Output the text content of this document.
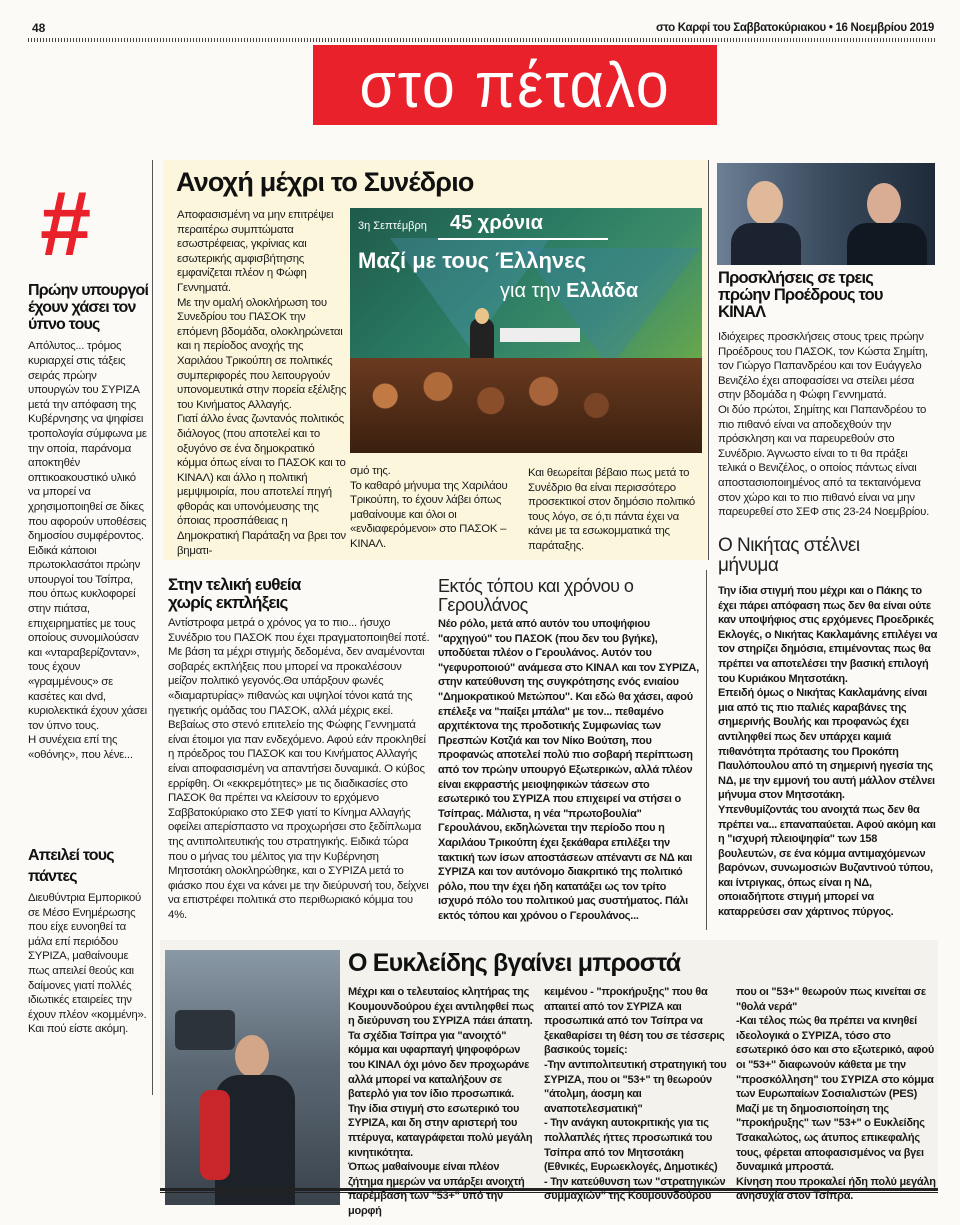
48	στο Καρφί του Σαββατοκύριακου • 16 Νοεμβρίου 2019
στο πέταλο
#
Πρώην υπουργοί έχουν χάσει τον ύπνο τους

Απόλυτος... τρόμος κυριαρχεί στις τάξεις σειράς πρώην υπουργών του ΣΥΡΙΖΑ μετά την απόφαση της Κυβέρνησης να ψηφίσει τροπολογία σύμφωνα με την οποία, παράνομα αποκτηθέν οπτικοακουστικό υλικό να μπορεί να χρησιμοποιηθεί σε δίκες που αφορούν υποθέσεις δημοσίου συμφέροντος.

Ειδικά κάποιοι πρωτοκλασάτοι πρώην υπουργοί του Τσίπρα, που όπως κυκλοφορεί στην πιάτσα, επιχειρηματίες με τους οποίους συνομιλούσαν και «νταραβερίζονταν», τους έχουν «γραμμένους» σε κασέτες και dvd, κυριολεκτικά έχουν χάσει τον ύπνο τους.

Η συνέχεια επί της «οθόνης», που λένε...

Απειλεί τους πάντες

Διευθύντρια Εμπορικού σε Μέσο Ενημέρωσης που είχε ευνοηθεί τα μάλα επί περιόδου ΣΥΡΙΖΑ, μαθαίνουμε πως απειλεί θεούς και δαίμονες γιατί πολλές ιδιωτικές εταιρείες την έχουν πλέον «κομμένη». Και πού είστε ακόμη.

Ανοχή μέχρι το Συνέδριο

Αποφασισμένη να μην επιτρέψει περαιτέρω συμπτώματα εσωστρέφειας, γκρίνιας και εσωτερικής αμφισβήτησης εμφανίζεται πλέον η Φώφη Γεννηματά.

Με την ομαλή ολοκλήρωση του Συνεδρίου του ΠΑΣΟΚ την επόμενη βδομάδα, ολοκληρώνεται και η περίοδος ανοχής της Χαριλάου Τρικούπη σε πολιτικές συμπεριφορές που λειτουργούν υπονομευτικά στην πορεία εξέλιξης του Κινήματος Αλλαγής.

Γιατί άλλο ένας ζωντανός πολιτικός διάλογος (που αποτελεί και το οξυγόνο σε ένα δημοκρατικό κόμμα όπως είναι το ΠΑΣΟΚ και το ΚΙΝΑΛ) και άλλο η πολιτική μεμψιμοιρία, που αποτελεί πηγή φθοράς και υπονόμευσης της όποιας προσπάθειας η Δημοκρατική Παράταξη να βρει τον βηματι-

3η Σεπτέμβρη 45 χρόνια
Μαζί με τους Έλληνες
για την Ελλάδα

σμό της.

Το καθαρό μήνυμα της Χαριλάου Τρικούπη, το έχουν λάβει όπως μαθαίνουμε και όλοι οι «ενδιαφερόμενοι» στο ΠΑΣΟΚ – ΚΙΝΑΛ.

Και θεωρείται βέβαιο πως μετά το Συνέδριο θα είναι περισσότερο προσεκτικοί στον δημόσιο πολιτικό τους λόγο, σε ό,τι πάντα έχει να κάνει με τα εσωκομματικά της παράταξης.

Προσκλήσεις σε τρεις πρώην Προέδρους του ΚΙΝΑΛ

Ιδιόχειρες προσκλήσεις στους τρεις πρώην Προέδρους του ΠΑΣΟΚ, τον Κώστα Σημίτη, τον Γιώργο Παπανδρέου και τον Ευάγγελο Βενιζέλο έχει αποφασίσει να στείλει μέσα στην βδομάδα η Φώφη Γεννηματά.

Οι δύο πρώτοι, Σημίτης και Παπανδρέου το πιο πιθανό είναι να αποδεχθούν την πρόσκληση και να παρευρεθούν στο Συνέδριο. Άγνωστο είναι το τι θα πράξει τελικά ο Βενιζέλος, ο οποίος πάντως είναι αποστασιοποιημένος από τα τεκταινόμενα στον χώρο και το πιο πιθανό είναι να μην παρευρεθεί στο ΣΕΦ στις 23-24 Νοεμβρίου.

Ο Νικήτας στέλνει μήνυμα

Την ίδια στιγμή που μέχρι και ο Πάκης το έχει πάρει απόφαση πως δεν θα είναι ούτε καν υποψήφιος στις ερχόμενες Προεδρικές Εκλογές, ο Νικήτας Κακλαμάνης επιλέγει να τον στηρίζει δημόσια, επιμένοντας πως θα πρέπει να αποτελέσει την βασική επιλογή του Κυριάκου Μητσοτάκη.

Επειδή όμως ο Νικήτας Κακλαμάνης είναι μια από τις πιο παλιές καραβάνες της σημερινής Βουλής και προφανώς έχει αντιληφθεί πως δεν υπάρχει καμιά πιθανότητα πρότασης του Προκόπη Παυλόπουλου από τη σημερινή ηγεσία της ΝΔ, με την εμμονή του αυτή μάλλον στέλνει μήνυμα στον Μητσοτάκη.

Υπενθυμίζοντάς του ανοιχτά πως δεν θα πρέπει να... επαναπαύεται. Αφού ακόμη και η "ισχυρή πλειοψηφία" των 158 βουλευτών, σε ένα κόμμα αντιμαχόμενων βαρόνων, συνωμοσιών Βυζαντινού τύπου, και ίντριγκας, όπως είναι η ΝΔ, οποιαδήποτε στιγμή μπορεί να καταρρεύσει σαν χάρτινος πύργος.

Στην τελική ευθεία χωρίς εκπλήξεις

Αντίστροφα μετρά ο χρόνος γα το πιο... ήσυχο Συνέδριο του ΠΑΣΟΚ που έχει πραγματοποιηθεί ποτέ. Με βάση τα μέχρι στιγμής δεδομένα, δεν αναμένονται σοβαρές εκπλήξεις που μπορεί να προκαλέσουν μείζον πολιτικό γεγονός.Θα υπάρξουν φωνές «διαμαρτυρίας» πιθανώς και υψηλοί τόνοι κατά της ηγετικής ομάδας του ΠΑΣΟΚ, αλλά μέχρις εκεί. Βεβαίως στο στενό επιτελείο της Φώφης Γεννηματά είναι έτοιμοι για παν ενδεχόμενο. Αφού εάν προκληθεί η πρόεδρος του ΠΑΣΟΚ και του Κινήματος Αλλαγής είναι αποφασισμένη να απαντήσει δυναμικά. Ο κύβος ερρίφθη. Οι «εκκρεμότητες» με τις διαδικασίες στο ΠΑΣΟΚ θα πρέπει να κλείσουν το ερχόμενο Σαββατοκύριακο στο ΣΕΦ γιατί το Κίνημα Αλλαγής οφείλει απερίσπαστο να προχωρήσει στο ξεδίπλωμα της αντιπολιτευτικής του στρατηγικής. Ειδικά τώρα που ο μήνας του μέλιτος για την Κυβέρνηση Μητσοτάκη ολοκληρώθηκε, και ο ΣΥΡΙΖΑ μετά το φιάσκο που έχει να κάνει με την διεύρυνσή του, δείχνει να επιστρέφει πολιτικά στο περιθωριακό κόμμα του 4%.

Εκτός τόπου και χρόνου ο Γερουλάνος

Νέο ρόλο, μετά από αυτόν του υποψήφιου "αρχηγού" του ΠΑΣΟΚ (που δεν του βγήκε), υποδύεται πλέον ο Γερουλάνος. Αυτόν του "γεφυροποιού" ανάμεσα στο ΚΙΝΑΛ και τον ΣΥΡΙΖΑ, στην κατεύθυνση της συγκρότησης ενός ενιαίου "Δημοκρατικού Μετώπου". Και εδώ θα χάσει, αφού επέλεξε να "παίξει μπάλα" με τον... πεθαμένο αρχιτέκτονα της προδοτικής Συμφωνίας των Πρεσπών Κοτζιά και τον Νίκο Βούτση, που προφανώς αποτελεί πολύ πιο σοβαρή περίπτωση από τον πρώην υπουργό Εξωτερικών, αλλά πλέον είναι εκφραστής μειοψηφικών τάσεων στο εσωτερικό του ΣΥΡΙΖΑ που επιχειρεί να στήσει ο Τσίπρας. Μάλιστα, η νέα "πρωτοβουλία" Γερουλάνου, εκδηλώνεται την περίοδο που η Χαριλάου Τρικούπη έχει ξεκάθαρα επιλέξει την τακτική των ίσων αποστάσεων απέναντι σε ΝΔ και ΣΥΡΙΖΑ και τον αυτόνομο διακριτικό της πολιτικό ρόλο, που την έχει ήδη κατατάξει ως τον τρίτο ισχυρό πόλο του πολιτικού μας συστήματος. Πάλι εκτός τόπου και χρόνου ο Γερουλάνος...

Ο Ευκλείδης βγαίνει μπροστά

Μέχρι και ο τελευταίος κλητήρας της Κουμουνδούρου έχει αντιληφθεί πως η διεύρυνση του ΣΥΡΙΖΑ πάει άπατη.

Τα σχέδια Τσίπρα για "ανοιχτό" κόμμα και υφαρπαγή ψηφοφόρων του ΚΙΝΑΛ όχι μόνο δεν προχωράνε αλλά μπορεί να καταλήξουν σε βατερλό για τον ίδιο προσωπικά.

Την ίδια στιγμή στο εσωτερικό του ΣΥΡΙΖΑ, και δη στην αριστερή του πτέρυγα, καταγράφεται πολύ μεγάλη κινητικότητα.

Όπως μαθαίνουμε είναι πλέον ζήτημα ημερών να υπάρξει ανοιχτή παρέμβαση των "53+" υπό την μορφή

κειμένου - "προκήρυξης" που θα απαιτεί από τον ΣΥΡΙΖΑ και προσωπικά από τον Τσίπρα να ξεκαθαρίσει τη θέση του σε τέσσερις βασικούς τομείς:

-Την αντιπολιτευτική στρατηγική του ΣΥΡΙΖΑ, που οι "53+" τη θεωρούν "άτολμη, άοσμη και αναποτελεσματική"

- Την ανάγκη αυτοκριτικής για τις πολλαπλές ήττες προσωπικά του Τσίπρα από τον Μητσοτάκη (Εθνικές, Ευρωεκλογές, Δημοτικές)

- Την κατεύθυνση των "στρατηγικών συμμαχιών" της Κουμουνδούρου

που οι "53+" θεωρούν πως κινείται σε "θολά νερά"

-Και τέλος πώς θα πρέπει να κινηθεί ιδεολογικά ο ΣΥΡΙΖΑ, τόσο στο εσωτερικό όσο και στο εξωτερικό, αφού οι "53+" διαφωνούν κάθετα με την "προσκόλληση" του ΣΥΡΙΖΑ στο κόμμα των Ευρωπαίων Σοσιαλιστών (PES)

Μαζί με τη δημοσιοποίηση της "προκήρυξης" των "53+" ο Ευκλείδης Τσακαλώτος, ως άτυπος επικεφαλής τους, φέρεται αποφασισμένος να βγει δυναμικά μπροστά.

Κίνηση που προκαλεί ήδη πολύ μεγάλη ανησυχία στον Τσίπρα.
